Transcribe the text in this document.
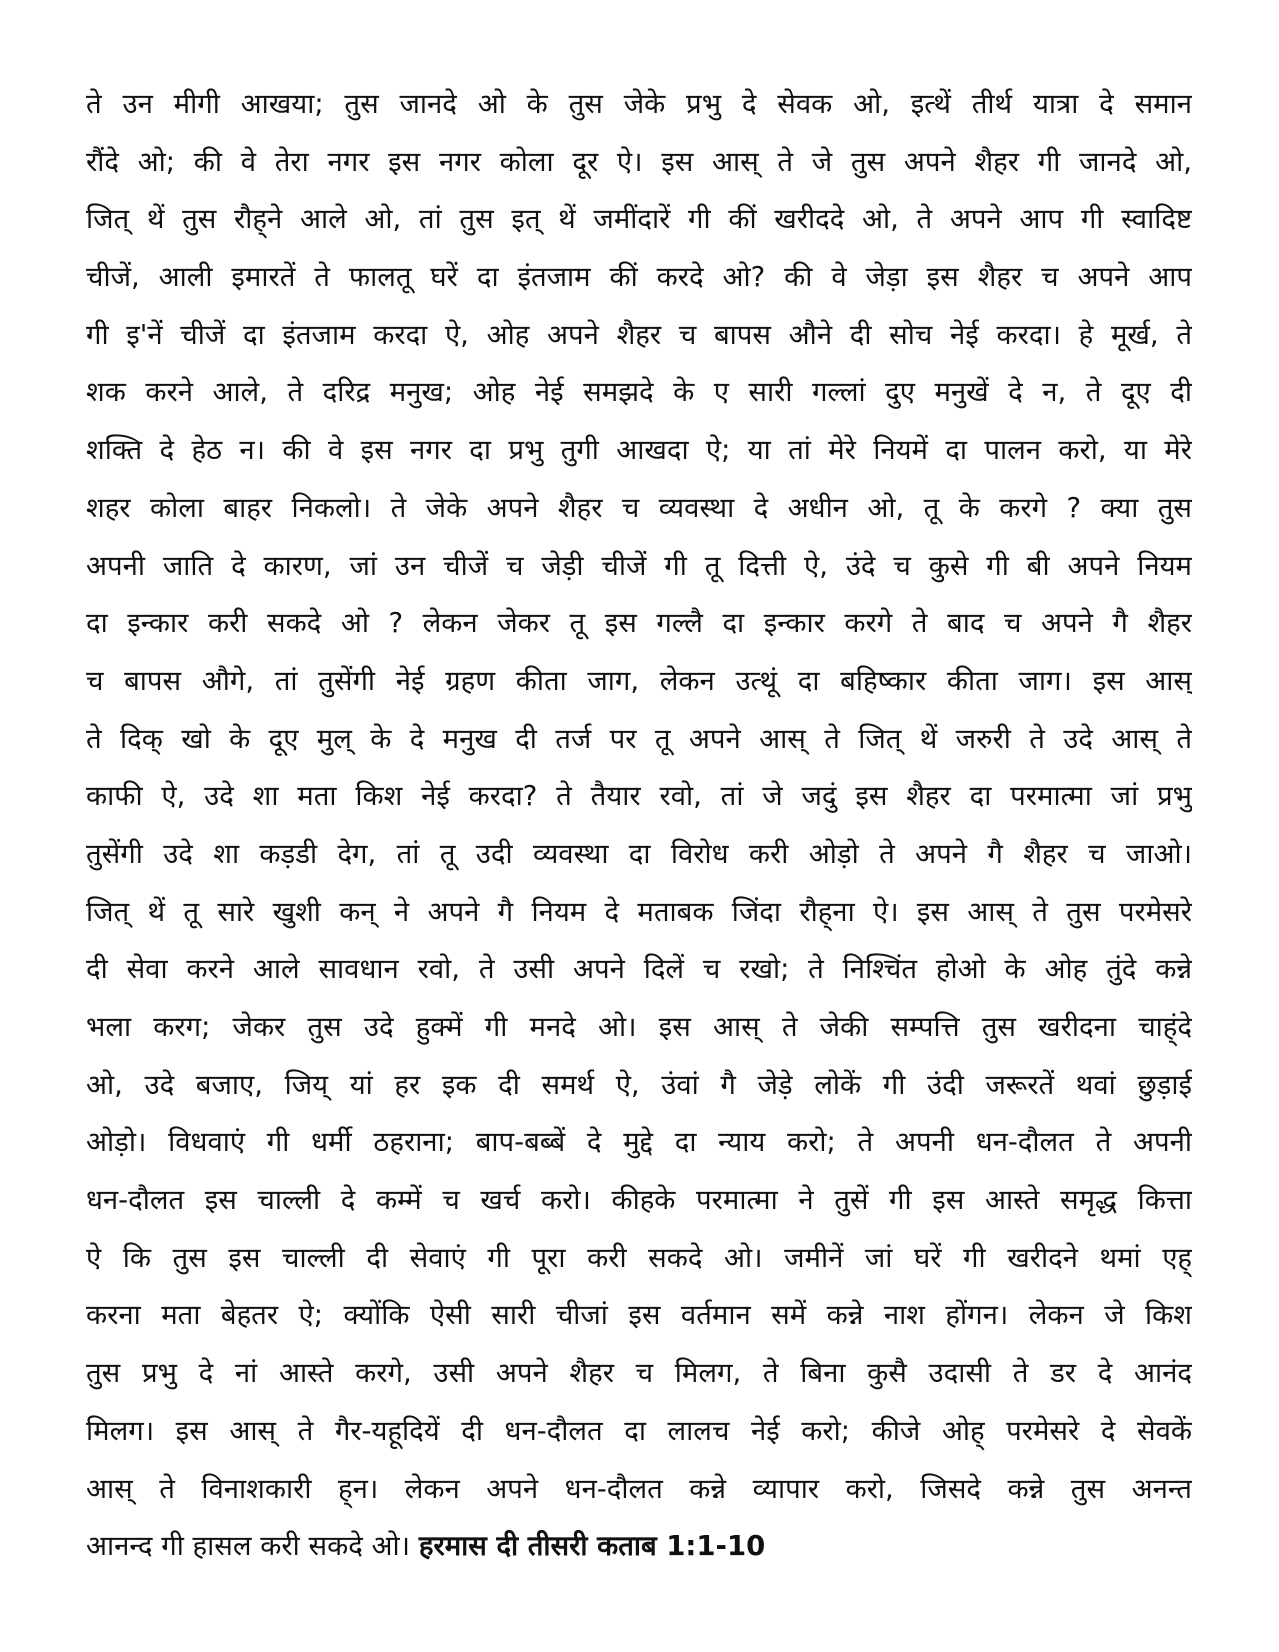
ते उन मीगी आखया; तुस जानदे ओ के तुस जेके प्रभु दे सेवक ओ, इत्थें तीर्थ यात्रा दे समान
रौंदे ओ; की वे तेरा नगर इस नगर कोला दूर ऐ। इस आस् ते जे तुस अपने शैहर गी जानदे ओ,
जित् थें तुस रौह्‌ने आले ओ, तां तुस इत् थें जमींदारें गी कीं खरीददे ओ, ते अपने आप गी स्वादिष्ट
चीजें, आली इमारतें ते फालतू घरें दा इंतजाम कीं करदे ओ? की वे जेड़ा इस शैहर च अपने आप
गी इ'नें चीजें दा इंतजाम करदा ऐ, ओह अपने शैहर च बापस औने दी सोच नेई करदा। हे मूर्ख, ते
शक करने आले, ते दरिद्र मनुख; ओह नेई समझदे के ए सारी गल्लां दुए मनुखें दे न, ते दूए दी
शक्ति दे हेठ न। की वे इस नगर दा प्रभु तुगी आखदा ऐ; या तां मेरे नियमें दा पालन करो, या मेरे
शहर कोला बाहर निकलो। ते जेके अपने शैहर च व्यवस्था दे अधीन ओ, तू के करगे ? क्या तुस
अपनी जाति दे कारण, जां उन चीजें च जेड़ी चीजें गी तू दित्ती ऐ, उंदे च कुसे गी बी अपने नियम
दा इन्कार करी सकदे ओ ? लेकन जेकर तू इस गल्लै दा इन्कार करगे ते बाद च अपने गै शैहर
च बापस औगे, तां तुसेंगी नेई ग्रहण कीता जाग, लेकन उत्थूं दा बहिष्कार कीता जाग। इस आस्
ते दिक् खो के दूए मुल् के दे मनुख दी तर्ज पर तू अपने आस् ते जित् थें जरुरी ते उदे आस् ते
काफी ऐ, उदे शा मता किश नेई करदा? ते तैयार रवो, तां जे जदुं इस शैहर दा परमात्मा जां प्रभु
तुसेंगी उदे शा कड़डी देग, तां तू उदी व्यवस्था दा विरोध करी ओड़ो ते अपने गै शैहर च जाओ।
जित् थें तू सारे खुशी कन् ने अपने गै नियम दे मताबक जिंदा रौह्‌ना ऐ। इस आस् ते तुस परमेसरे
दी सेवा करने आले सावधान रवो, ते उसी अपने दिलें च रखो; ते निश्चिंत होओ के ओह तुंदे कन्ने
भला करग; जेकर तुस उदे हुक्में गी मनदे ओ। इस आस् ते जेकी सम्पत्ति तुस खरीदना चाह्‌ंदे
ओ, उदे बजाए, जिय् यां हर इक दी समर्थ ऐ, उंवां गै जेड़े लोकें गी उंदी जरूरतें थवां छुड़ाई
ओड़ो। विधवाएं गी धर्मी ठहराना; बाप-बब्बें दे मुद्दे दा न्याय करो; ते अपनी धन-दौलत ते अपनी
धन-दौलत इस चाल्ली दे कम्में च खर्च करो। कीहके परमात्मा ने तुसें गी इस आस्ते समृद्ध कित्ता
ऐ कि तुस इस चाल्ली दी सेवाएं गी पूरा करी सकदे ओ। जमीनें जां घरें गी खरीदने थमां एह्
करना मता बेहतर ऐ; क्योंकि ऐसी सारी चीजां इस वर्तमान समें कन्ने नाश होंगन। लेकन जे किश
तुस प्रभु दे नां आस्ते करगे, उसी अपने शैहर च मिलग, ते बिना कुसै उदासी ते डर दे आनंद
मिलग। इस आस् ते गैर-यहूदियें दी धन-दौलत दा लालच नेई करो; कीजे ओह् परमेसरे दे सेवकें
आस् ते विनाशकारी ह्‌न। लेकन अपने धन-दौलत कन्ने व्यापार करो, जिसदे कन्ने तुस अनन्त
आनन्द गी हासल करी सकदे ओ। हरमास दी तीसरी कताब 1:1-10
